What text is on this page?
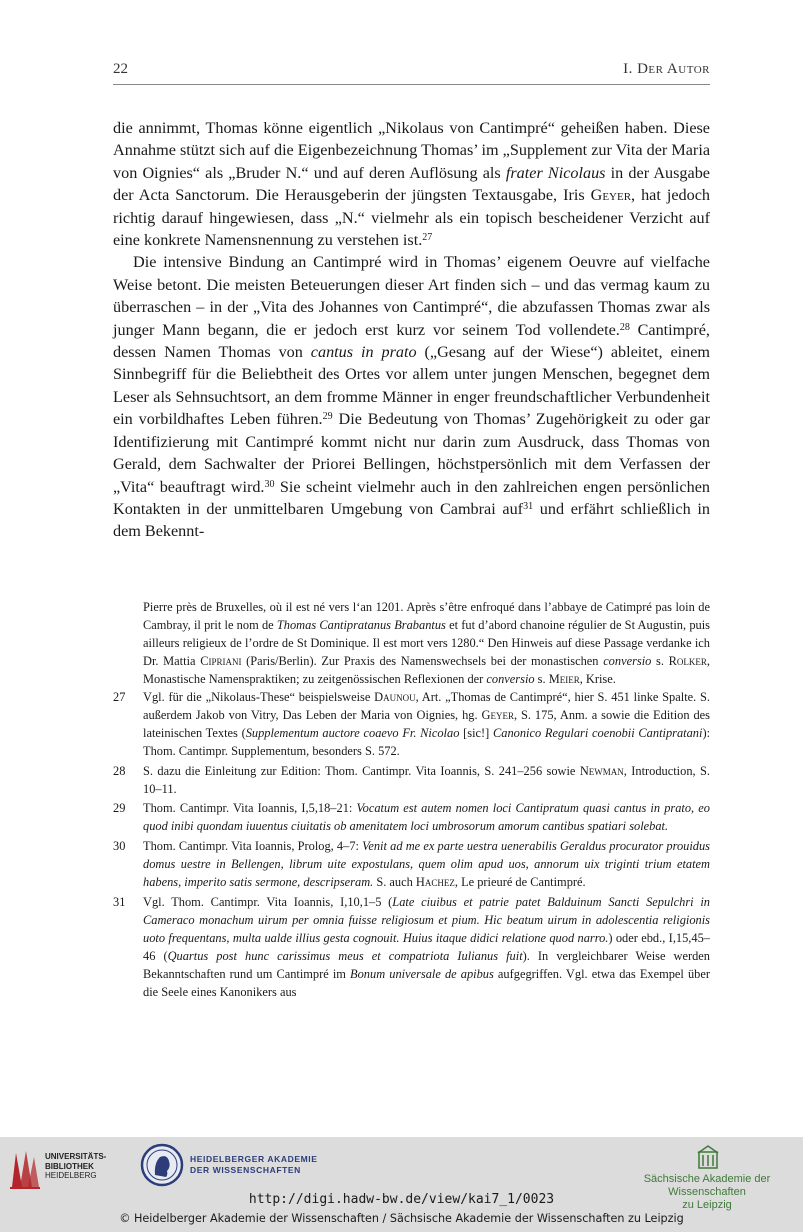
22	I. Der Autor

die annimmt, Thomas könne eigentlich „Nikolaus von Cantimpré“ geheißen haben. Diese Annahme stützt sich auf die Eigenbezeichnung Thomas’ im „Supplement zur Vita der Maria von Oignies“ als „Bruder N.“ und auf deren Auflösung als frater Nicolaus in der Ausgabe der Acta Sanctorum. Die Herausgeberin der jüngsten Textausgabe, Iris Geyer, hat jedoch richtig darauf hingewiesen, dass „N.“ vielmehr als ein topisch bescheidener Verzicht auf eine konkrete Namensnennung zu verstehen ist.$^{27}$

Die intensive Bindung an Cantimpré wird in Thomas’ eigenem Oeuvre auf vielfache Weise betont. Die meisten Beteuerungen dieser Art finden sich – und das vermag kaum zu überraschen – in der „Vita des Johannes von Cantimpré“, die abzufassen Thomas zwar als junger Mann begann, die er jedoch erst kurz vor seinem Tod vollendete.$^{28}$ Cantimpré, dessen Namen Thomas von cantus in prato („Gesang auf der Wiese“) ableitet, einem Sinnbegriff für die Beliebtheit des Ortes vor allem unter jungen Menschen, begegnet dem Leser als Sehnsuchtsort, an dem fromme Männer in enger freundschaftlicher Verbundenheit ein vorbildhaftes Leben führen.$^{29}$ Die Bedeutung von Thomas’ Zugehörigkeit zu oder gar Identifizierung mit Cantimpré kommt nicht nur darin zum Ausdruck, dass Thomas von Gerald, dem Sachwalter der Priorei Bellingen, höchstpersönlich mit dem Verfassen der „Vita“ beauftragt wird.$^{30}$ Sie scheint vielmehr auch in den zahlreichen engen persönlichen Kontakten in der unmittelbaren Umgebung von Cambrai auf$^{31}$ und erfährt schließlich in dem Bekennt-

Pierre près de Bruxelles, où il est né vers l‘an 1201. Après s’être enfroqué dans l’abbaye de Catimpré pas loin de Cambray, il prit le nom de Thomas Cantipratanus Brabantus et fut d’abord chanoine régulier de St Augustin, puis ailleurs religieux de l’ordre de St Dominique. Il est mort vers 1280.“ Den Hinweis auf diese Passage verdanke ich Dr. Mattia Cipriani (Paris/Berlin). Zur Praxis des Namenswechsels bei der monastischen conversio s. Rolker, Monastische Namenspraktiken; zu zeitgenössischen Reflexionen der conversio s. Meier, Krise.

27	Vgl. für die „Nikolaus-These“ beispielsweise Daunou, Art. „Thomas de Cantimpré“, hier S. 451 linke Spalte. S. außerdem Jakob von Vitry, Das Leben der Maria von Oignies, hg. Geyer, S. 175, Anm. a sowie die Edition des lateinischen Textes (Supplementum auctore coaevo Fr. Nicolao [sic!] Canonico Regulari coenobii Cantipratani): Thom. Cantimpr. Supplementum, besonders S. 572.
28	S. dazu die Einleitung zur Edition: Thom. Cantimpr. Vita Ioannis, S. 241–256 sowie Newman, Introduction, S. 10–11.
29	Thom. Cantimpr. Vita Ioannis, I,5,18–21: Vocatum est autem nomen loci Cantipratum quasi cantus in prato, eo quod inibi quondam iuuentus ciuitatis ob amenitatem loci umbrosorum amorum cantibus spatiari solebat.
30	Thom. Cantimpr. Vita Ioannis, Prolog, 4–7: Venit ad me ex parte uestra uenerabilis Geraldus procurator prouidus domus uestre in Bellengen, librum uite expostulans, quem olim apud uos, annorum uix triginti trium etatem habens, imperito satis sermone, descripseram. S. auch Hachez, Le prieuré de Cantimpré.
31	Vgl. Thom. Cantimpr. Vita Ioannis, I,10,1–5 (Late ciuibus et patrie patet Balduinum Sancti Sepulchri in Cameraco monachum uirum per omnia fuisse religiosum et pium. Hic beatum uirum in adolescentia religionis uoto frequentans, multa ualde illius gesta cognouit. Huius itaque didici relatione quod narro.) oder ebd., I,15,45–46 (Quartus post hunc carissimus meus et compatriota Iulianus fuit). In vergleichbarer Weise werden Bekanntschaften rund um Cantimpré im Bonum universale de apibus aufgegriffen. Vgl. etwa das Exempel über die Seele eines Kanonikers aus
UNIVERSITÄTS-
BIBLIOTHEK
HEIDELBERG
HEIDELBERGER AKADEMIE
DER WISSENSCHAFTEN
Sächsische Akademie der Wissenschaften
zu Leipzig
http://digi.hadw-bw.de/view/kai7_1/0023
© Heidelberger Akademie der Wissenschaften / Sächsische Akademie der Wissenschaften zu Leipzig
